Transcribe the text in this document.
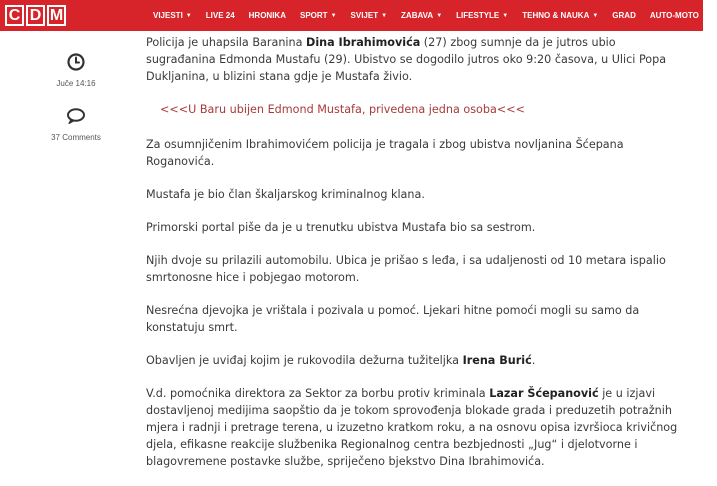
C D M	VIJESTI ▼ LIVE 24 HRONIKA SPORT ▼ SVIJET ▼ ZABAVA ▼ LIFESTYLE ▼ TEHNO & NAUKA ▼ GRAD AUTO-MOTO ▼
Juče 14:16
37 Comments

Policija je uhapsila Baranina Dina Ibrahimovića (27) zbog sumnje da je jutros ubio sugrađanina Edmonda Mustafu (29). Ubistvo se dogodilo jutros oko 9:20 časova, u Ulici Popa Dukljanina, u blizini stana gdje je Mustafa živio.

<<<U Baru ubijen Edmond Mustafa, privedena jedna osoba<<<

Za osumnjičenim Ibrahimovićem policija je tragala i zbog ubistva novljanina Šćepana Roganovića.

Mustafa je bio član škaljarskog kriminalnog klana.

Primorski portal piše da je u trenutku ubistva Mustafa bio sa sestrom.

Njih dvoje su prilazili automobilu. Ubica je prišao s leđa, i sa udaljenosti od 10 metara ispalio smrtonosne hice i pobjegao motorom.

Nesrećna djevojka je vrištala i pozivala u pomoć. Ljekari hitne pomoći mogli su samo da konstatuju smrt.

Obavljen je uviđaj kojim je rukovodila dežurna tužiteljka Irena Burić.

V.d. pomoćnika direktora za Sektor za borbu protiv kriminala Lazar Šćepanović je u izjavi dostavljenoj medijima saopštio da je tokom sprovođenja blokade grada i preduzetih potražnih mjera i radnji i pretrage terena, u izuzetno kratkom roku, a na osnovu opisa izvršioca krivičnog djela, efikasne reakcije službenika Regionalnog centra bezbjednosti „Jug“ i djelotvorne i blagovremene postavke službe, spriječeno bjekstvo Dina Ibrahimovića.
